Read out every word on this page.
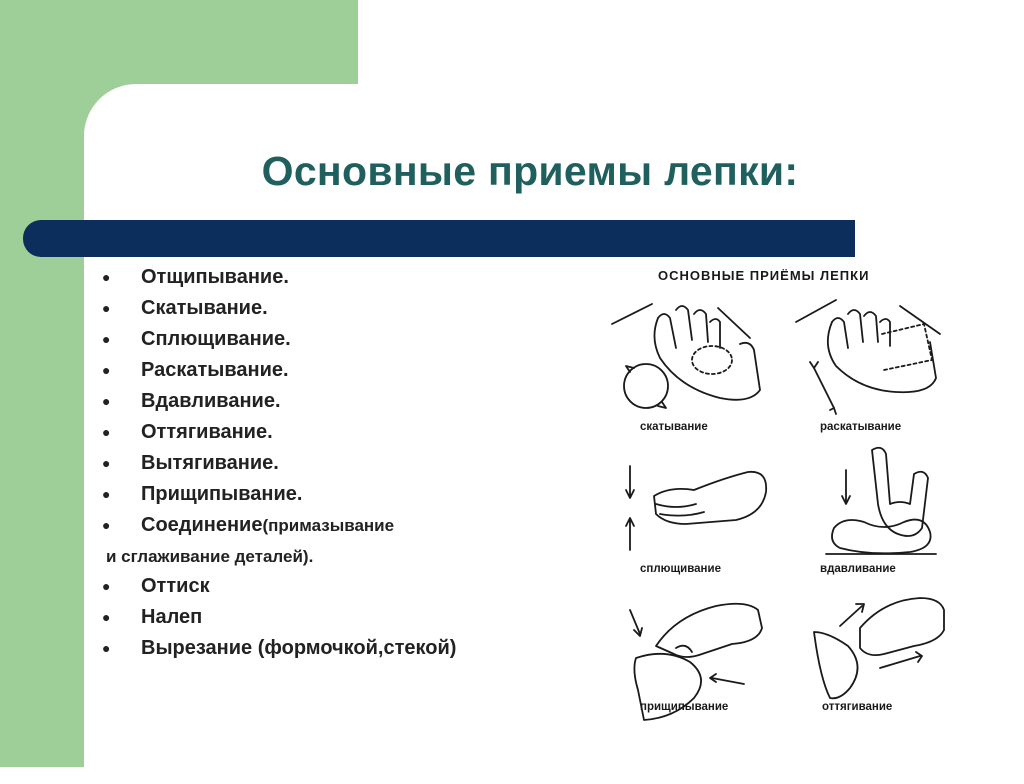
Основные приемы лепки:
● Отщипывание.
● Скатывание.
● Сплющивание.
● Раскатывание.
● Вдавливание.
● Оттягивание.
● Вытягивание.
● Прищипывание.
● Соединение(примазывание
и сглаживание деталей).
● Оттиск
● Налеп
● Вырезание (формочкой,стекой)
ОСНОВНЫЕ ПРИЁМЫ ЛЕПКИ
скатывание	раскатывание
сплющивание	вдавливание
прищипывание	оттягивание
